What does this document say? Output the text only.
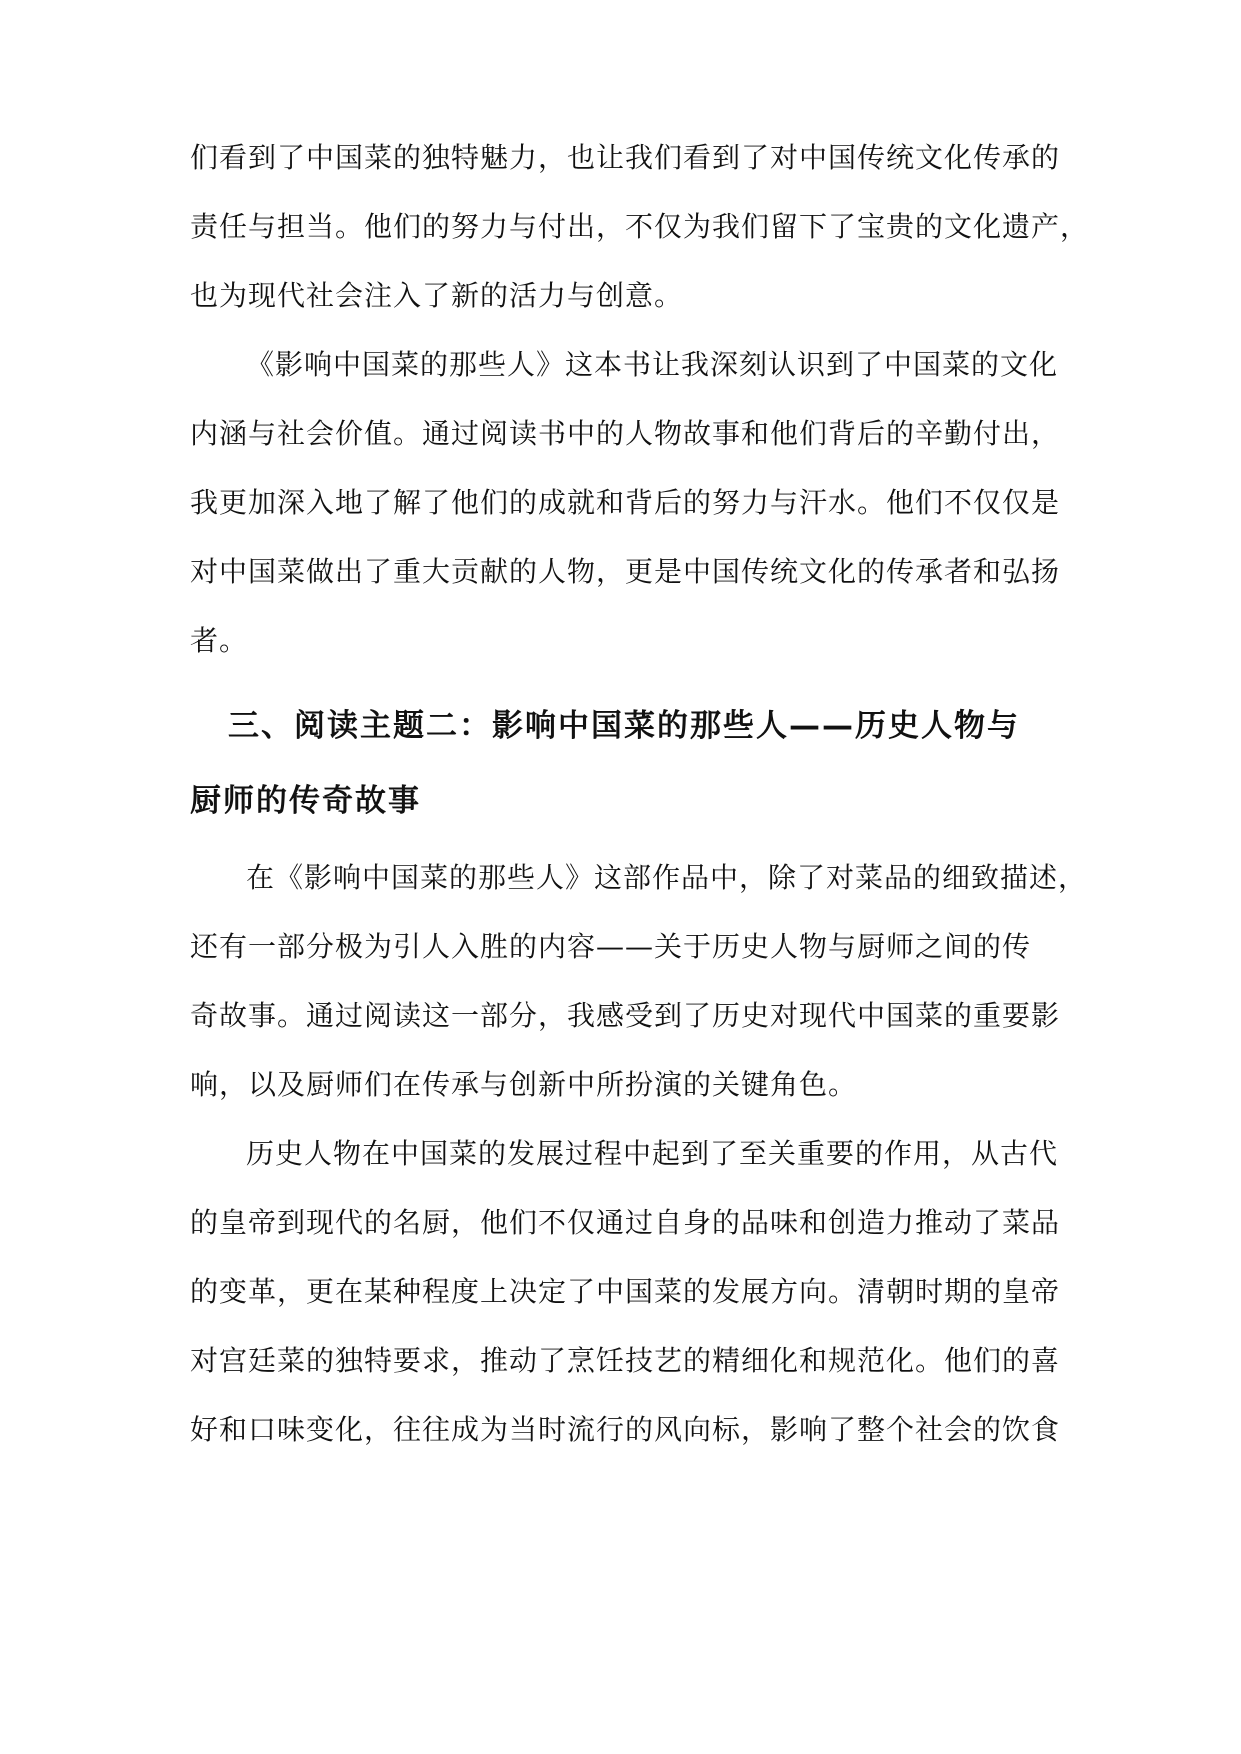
们看到了中国菜的独特魅力，也让我们看到了对中国传统文化传承的
责任与担当。他们的努力与付出，不仅为我们留下了宝贵的文化遗产，
也为现代社会注入了新的活力与创意。
《影响中国菜的那些人》这本书让我深刻认识到了中国菜的文化
内涵与社会价值。通过阅读书中的人物故事和他们背后的辛勤付出，
我更加深入地了解了他们的成就和背后的努力与汗水。他们不仅仅是
对中国菜做出了重大贡献的人物，更是中国传统文化的传承者和弘扬
者。
三、阅读主题二：影响中国菜的那些人——历史人物与
厨师的传奇故事
在《影响中国菜的那些人》这部作品中，除了对菜品的细致描述，
还有一部分极为引人入胜的内容——关于历史人物与厨师之间的传
奇故事。通过阅读这一部分，我感受到了历史对现代中国菜的重要影
响，以及厨师们在传承与创新中所扮演的关键角色。
历史人物在中国菜的发展过程中起到了至关重要的作用，从古代
的皇帝到现代的名厨，他们不仅通过自身的品味和创造力推动了菜品
的变革，更在某种程度上决定了中国菜的发展方向。清朝时期的皇帝
对宫廷菜的独特要求，推动了烹饪技艺的精细化和规范化。他们的喜
好和口味变化，往往成为当时流行的风向标，影响了整个社会的饮食
